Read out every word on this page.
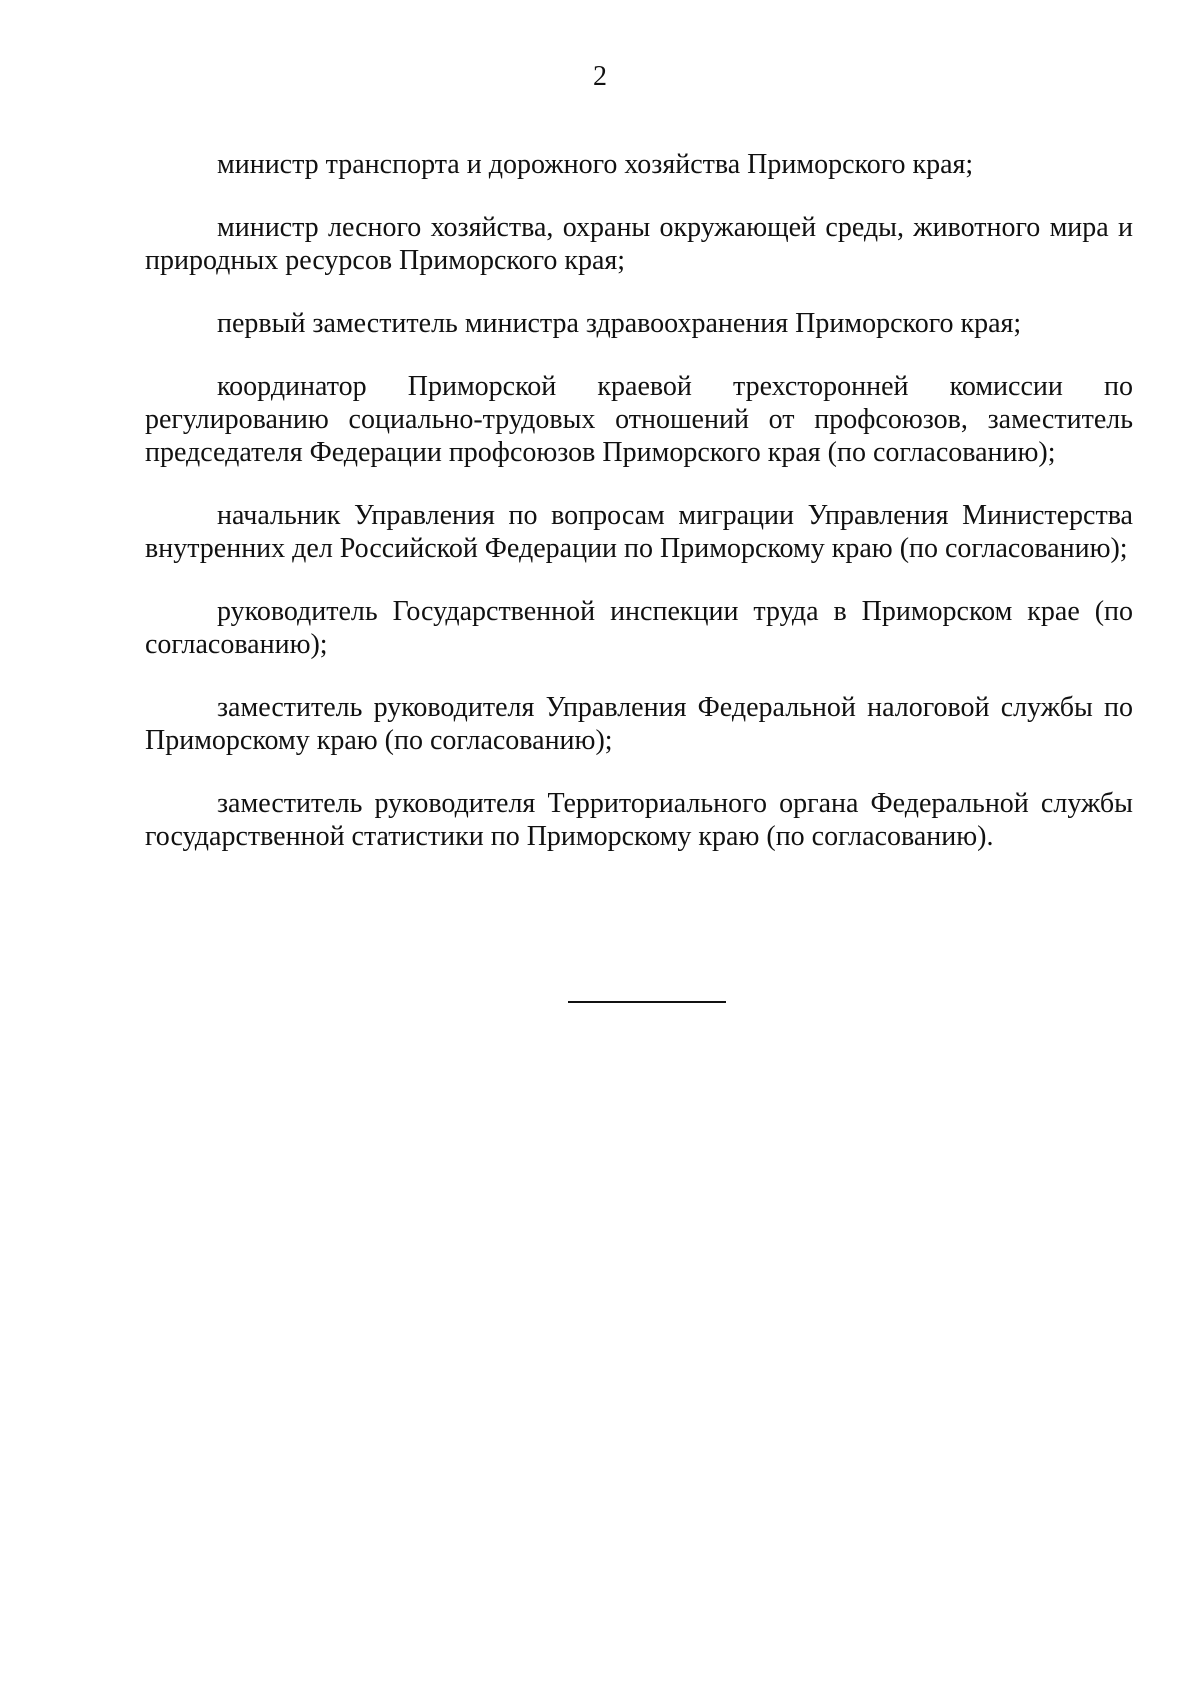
2

министр транспорта и дорожного хозяйства Приморского края;

министр лесного хозяйства, охраны окружающей среды, животного мира и природных ресурсов Приморского края;

первый заместитель министра здравоохранения Приморского края;

координатор Приморской краевой трехсторонней комиссии по регулированию социально-трудовых отношений от профсоюзов, заместитель председателя Федерации профсоюзов Приморского края (по согласованию);

начальник Управления по вопросам миграции Управления Министерства внутренних дел Российской Федерации по Приморскому краю (по согласованию);

руководитель Государственной инспекции труда в Приморском крае (по согласованию);

заместитель руководителя Управления Федеральной налоговой службы по Приморскому краю (по согласованию);

заместитель руководителя Территориального органа Федеральной службы государственной статистики по Приморскому краю (по согласованию).
